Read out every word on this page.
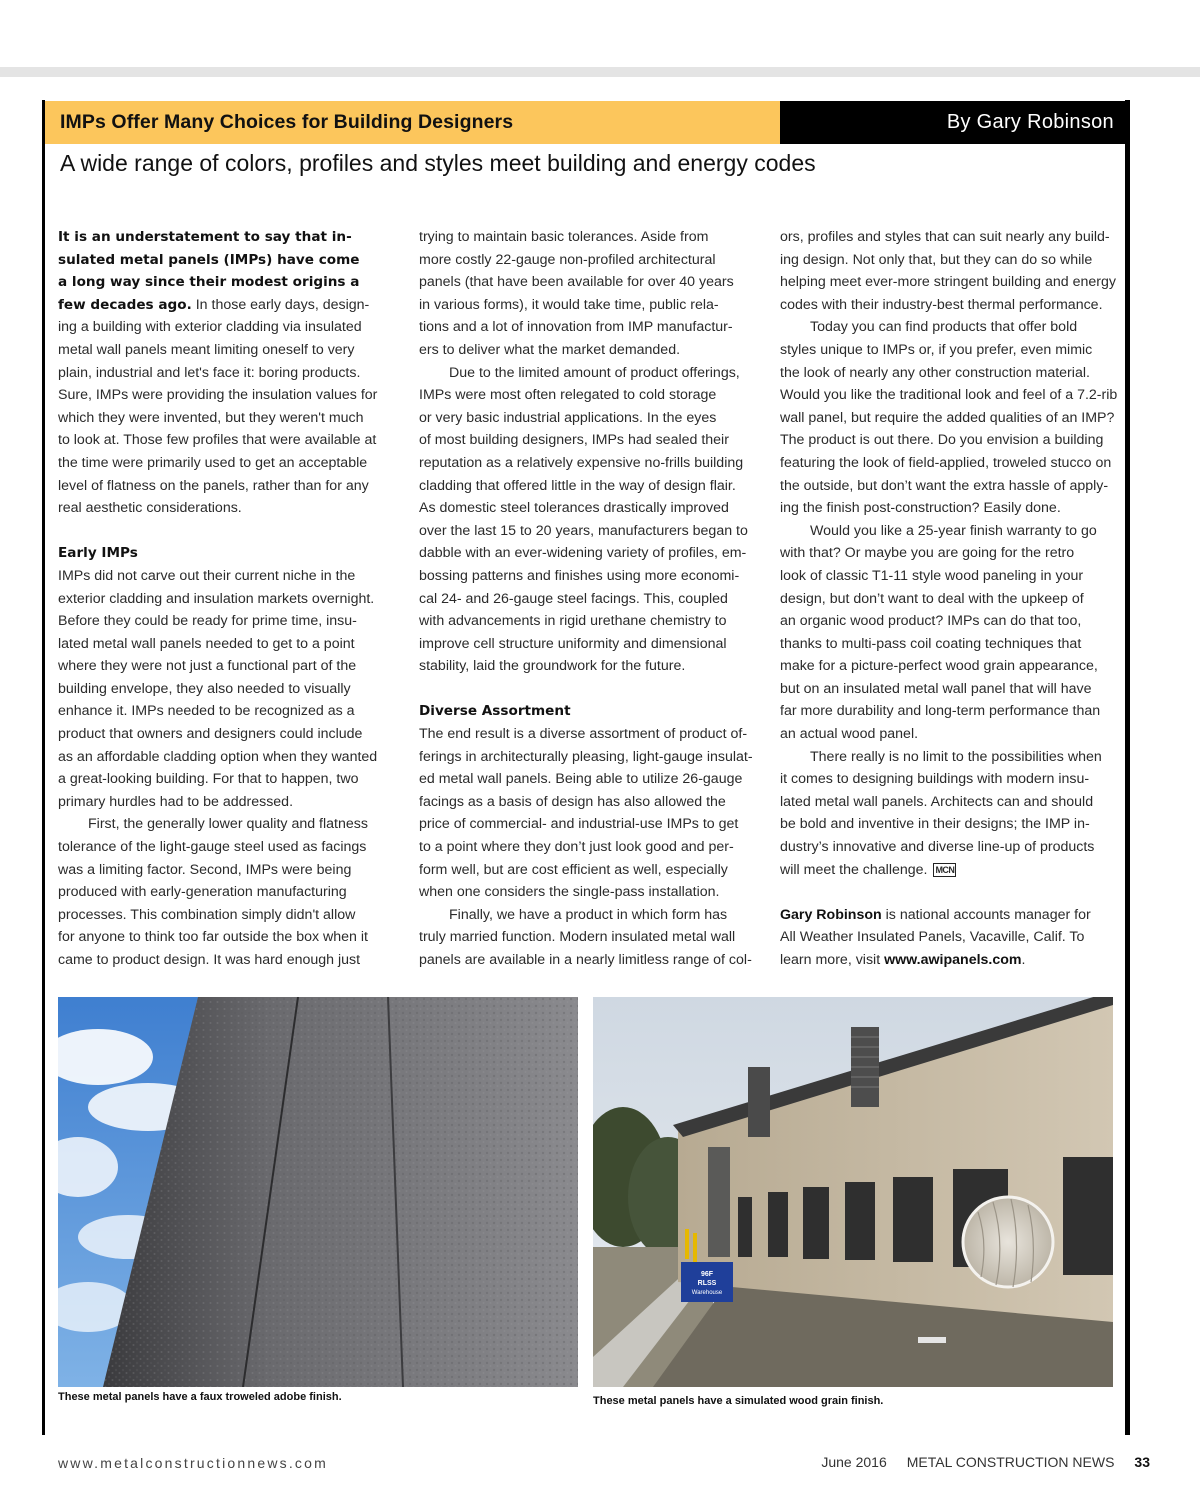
IMPs Offer Many Choices for Building Designers	By Gary Robinson
A wide range of colors, profiles and styles meet building and energy codes
It is an understatement to say that in-
sulated metal panels (IMPs) have come
a long way since their modest origins a
few decades ago. In those early days, design-
ing a building with exterior cladding via insulated
metal wall panels meant limiting oneself to very
plain, industrial and let's face it: boring products.
Sure, IMPs were providing the insulation values for
which they were invented, but they weren't much
to look at. Those few profiles that were available at
the time were primarily used to get an acceptable
level of flatness on the panels, rather than for any
real aesthetic considerations.
Early IMPs
IMPs did not carve out their current niche in the
exterior cladding and insulation markets overnight.
Before they could be ready for prime time, insu-
lated metal wall panels needed to get to a point
where they were not just a functional part of the
building envelope, they also needed to visually
enhance it. IMPs needed to be recognized as a
product that owners and designers could include
as an affordable cladding option when they wanted
a great-looking building. For that to happen, two
primary hurdles had to be addressed.
First, the generally lower quality and flatness
tolerance of the light-gauge steel used as facings
was a limiting factor. Second, IMPs were being
produced with early-generation manufacturing
processes. This combination simply didn't allow
for anyone to think too far outside the box when it
came to product design. It was hard enough just
trying to maintain basic tolerances. Aside from
more costly 22-gauge non-profiled architectural
panels (that have been available for over 40 years
in various forms), it would take time, public rela-
tions and a lot of innovation from IMP manufactur-
ers to deliver what the market demanded.
Due to the limited amount of product offerings,
IMPs were most often relegated to cold storage
or very basic industrial applications. In the eyes
of most building designers, IMPs had sealed their
reputation as a relatively expensive no-frills building
cladding that offered little in the way of design flair.
As domestic steel tolerances drastically improved
over the last 15 to 20 years, manufacturers began to
dabble with an ever-widening variety of profiles, em-
bossing patterns and finishes using more economi-
cal 24- and 26-gauge steel facings. This, coupled
with advancements in rigid urethane chemistry to
improve cell structure uniformity and dimensional
stability, laid the groundwork for the future.
Diverse Assortment
The end result is a diverse assortment of product of-
ferings in architecturally pleasing, light-gauge insulat-
ed metal wall panels. Being able to utilize 26-gauge
facings as a basis of design has also allowed the
price of commercial- and industrial-use IMPs to get
to a point where they don’t just look good and per-
form well, but are cost efficient as well, especially
when one considers the single-pass installation.
Finally, we have a product in which form has
truly married function. Modern insulated metal wall
panels are available in a nearly limitless range of col-
ors, profiles and styles that can suit nearly any build-
ing design. Not only that, but they can do so while
helping meet ever-more stringent building and energy
codes with their industry-best thermal performance.
Today you can find products that offer bold
styles unique to IMPs or, if you prefer, even mimic
the look of nearly any other construction material.
Would you like the traditional look and feel of a 7.2-rib
wall panel, but require the added qualities of an IMP?
The product is out there. Do you envision a building
featuring the look of field-applied, troweled stucco on
the outside, but don’t want the extra hassle of apply-
ing the finish post-construction? Easily done.
Would you like a 25-year finish warranty to go
with that? Or maybe you are going for the retro
look of classic T1-11 style wood paneling in your
design, but don’t want to deal with the upkeep of
an organic wood product? IMPs can do that too,
thanks to multi-pass coil coating techniques that
make for a picture-perfect wood grain appearance,
but on an insulated metal wall panel that will have
far more durability and long-term performance than
an actual wood panel.
There really is no limit to the possibilities when
it comes to designing buildings with modern insu-
lated metal wall panels. Architects can and should
be bold and inventive in their designs; the IMP in-
dustry’s innovative and diverse line-up of products
will meet the challenge. MCN
Gary Robinson is national accounts manager for
All Weather Insulated Panels, Vacaville, Calif. To
learn more, visit www.awipanels.com.
96F
RLSS
Warehouse
These metal panels have a faux troweled adobe finish.	These metal panels have a simulated wood grain finish.
www.metalconstructionnews.com	June 2016 METAL CONSTRUCTION NEWS 33
